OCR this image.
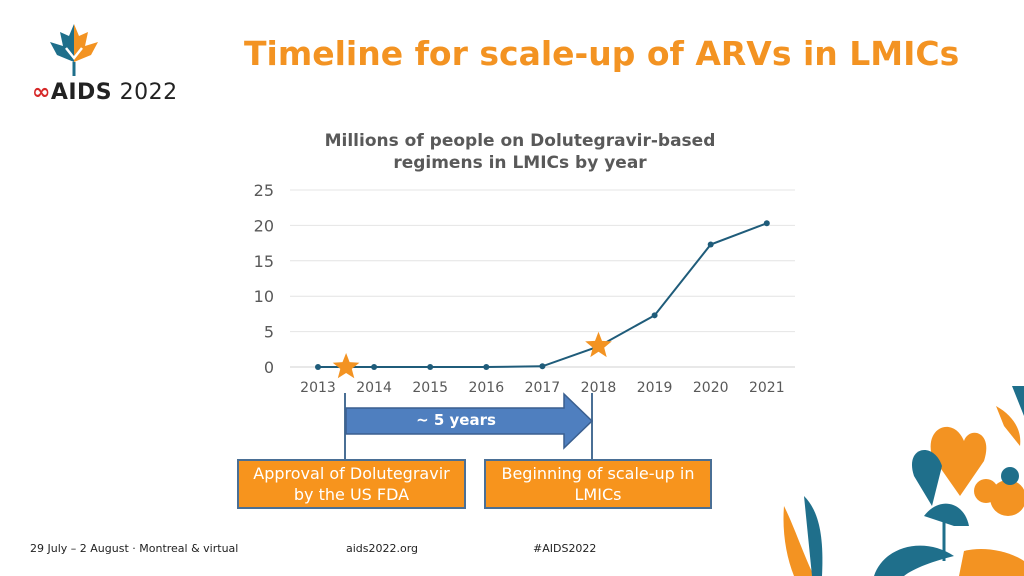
∞AIDS 2022
Timeline for scale-up of ARVs in LMICs
Millions of people on Dolutegravir-based
regimens in LMICs by year
0
5
10
15
20
25
2013 2014 2015 2016 2017 2018 2019 2020 2021
~ 5 years
Approval of Dolutegravir
by the US FDA
Beginning of scale-up in
LMICs
29 July – 2 August · Montreal & virtual	aids2022.org	#AIDS2022
